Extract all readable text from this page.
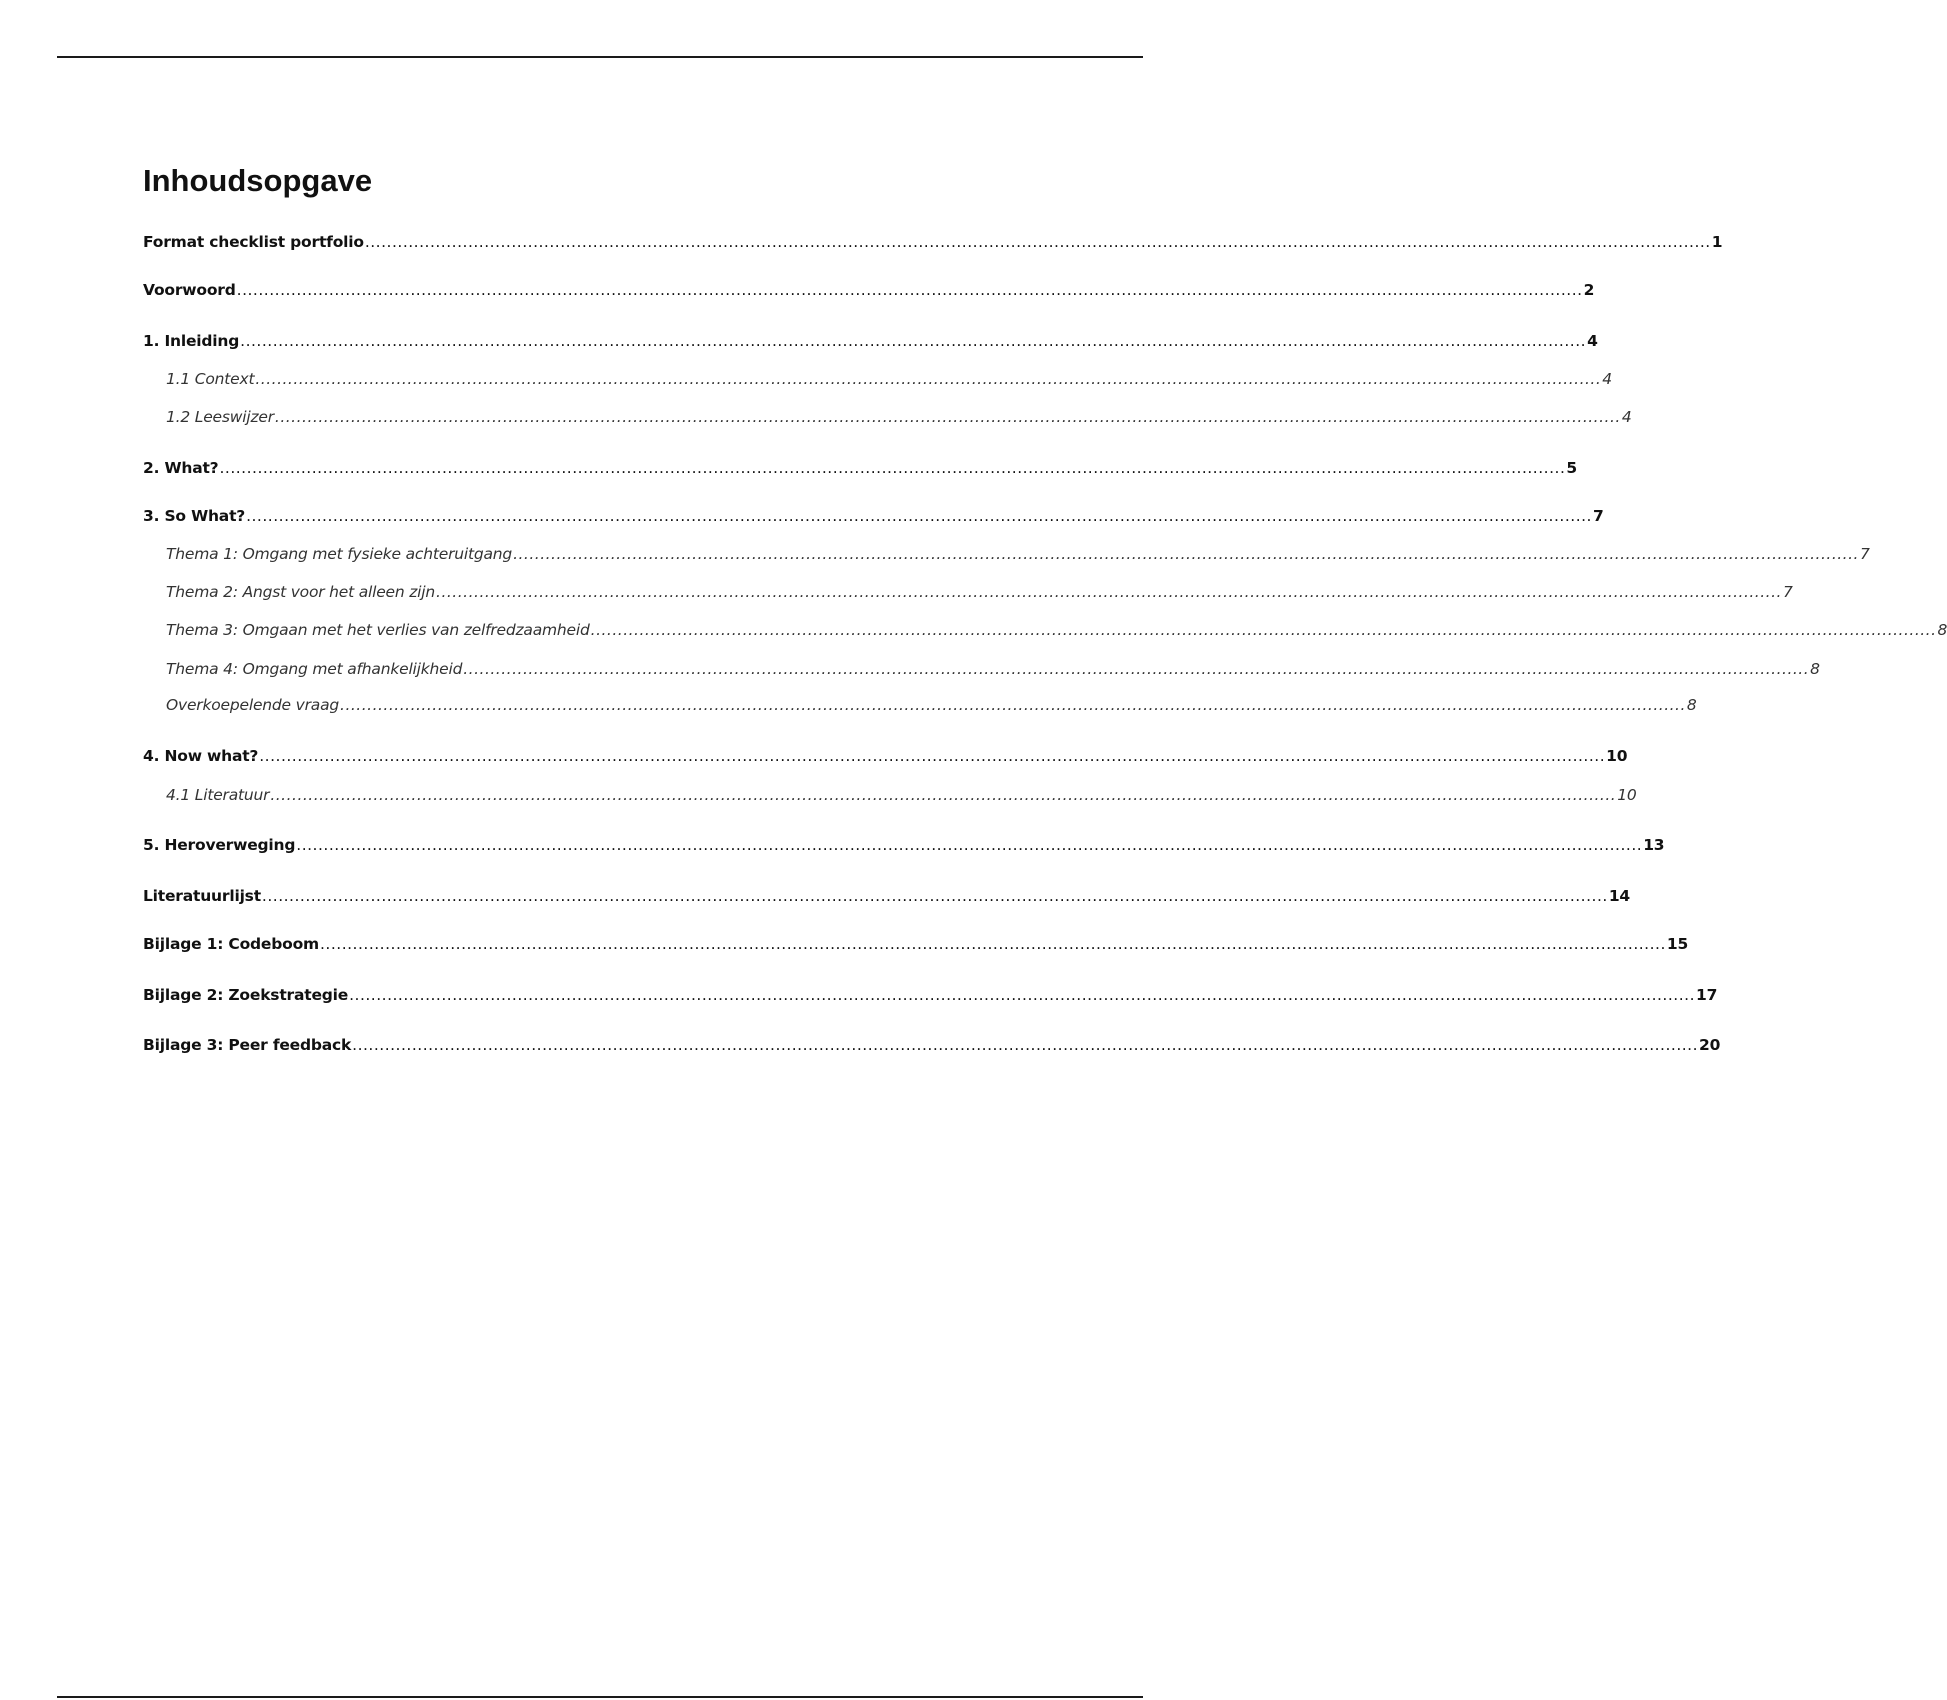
Inhoudsopgave
Format checklist portfolio ........................................................................................................................................................................................................................................................ 1
Voorwoord ........................................................................................................................................................................................................................................................ 2
1. Inleiding ........................................................................................................................................................................................................................................................ 4
1.1 Context ........................................................................................................................................................................................................................................................ 4
1.2 Leeswijzer ........................................................................................................................................................................................................................................................ 4
2. What? ........................................................................................................................................................................................................................................................ 5
3. So What? ........................................................................................................................................................................................................................................................ 7
Thema 1: Omgang met fysieke achteruitgang ........................................................................................................................................................................................................................................................ 7
Thema 2: Angst voor het alleen zijn ........................................................................................................................................................................................................................................................ 7
Thema 3: Omgaan met het verlies van zelfredzaamheid ........................................................................................................................................................................................................................................................ 8
Thema 4: Omgang met afhankelijkheid ........................................................................................................................................................................................................................................................ 8
Overkoepelende vraag ........................................................................................................................................................................................................................................................ 8
4. Now what? ........................................................................................................................................................................................................................................................ 10
4.1 Literatuur ........................................................................................................................................................................................................................................................ 10
5. Heroverweging ........................................................................................................................................................................................................................................................ 13
Literatuurlijst ........................................................................................................................................................................................................................................................ 14
Bijlage 1: Codeboom ........................................................................................................................................................................................................................................................ 15
Bijlage 2: Zoekstrategie ........................................................................................................................................................................................................................................................ 17
Bijlage 3: Peer feedback ........................................................................................................................................................................................................................................................ 20
